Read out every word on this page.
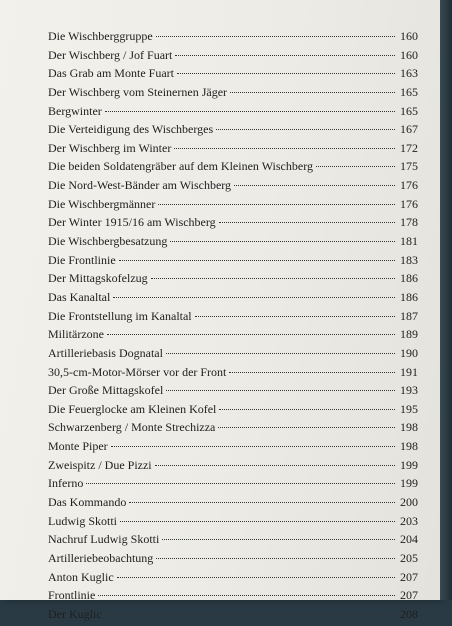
Die Wischberggruppe	160
Der Wischberg / Jof Fuart	160
Das Grab am Monte Fuart	163
Der Wischberg vom Steinernen Jäger	165
Bergwinter	165
Die Verteidigung des Wischberges	167
Der Wischberg im Winter	172
Die beiden Soldatengräber auf dem Kleinen Wischberg	175
Die Nord-West-Bänder am Wischberg	176
Die Wischbergmänner	176
Der Winter 1915/16 am Wischberg	178
Die Wischbergbesatzung	181
Die Frontlinie	183
Der Mittagskofelzug	186
Das Kanaltal	186
Die Frontstellung im Kanaltal	187
Militärzone	189
Artilleriebasis Dognatal	190
30,5-cm-Motor-Mörser vor der Front	191
Der Große Mittagskofel	193
Die Feuerglocke am Kleinen Kofel	195
Schwarzenberg / Monte Strechizza	198
Monte Piper	198
Zweispitz / Due Pizzi	199
Inferno	199
Das Kommando	200
Ludwig Skotti	203
Nachruf Ludwig Skotti	204
Artilleriebeobachtung	205
Anton Kuglic	207
Frontlinie	207
Der Kuglic	208
